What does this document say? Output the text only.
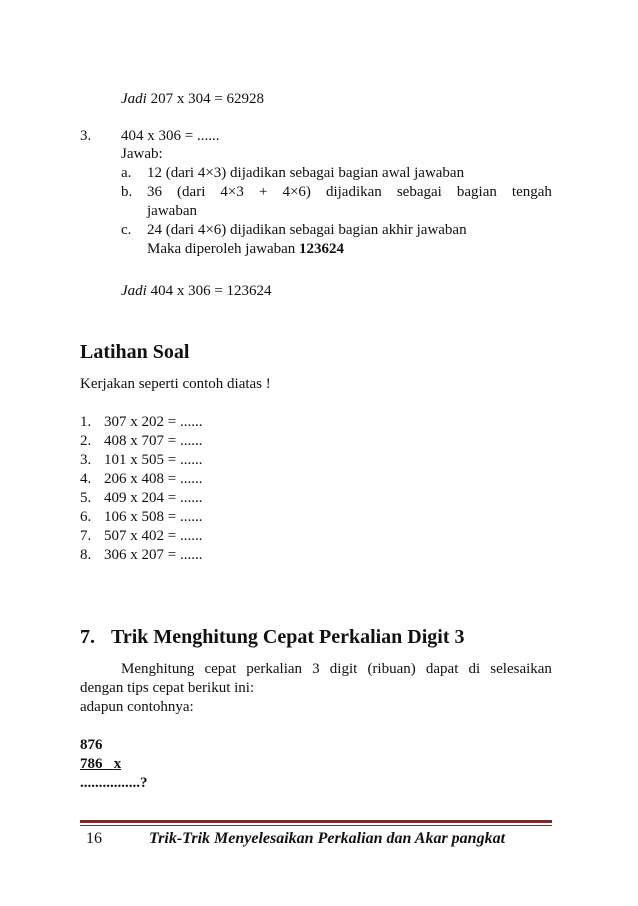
Jadi 207 x 304 = 62928
3. 404 x 306 = ......
Jawab:
a. 12 (dari 4×3) dijadikan sebagai bagian awal jawaban
b. 36 (dari 4×3 + 4×6) dijadikan sebagai bagian tengah
jawaban
c. 24 (dari 4×6) dijadikan sebagai bagian akhir jawaban
Maka diperoleh jawaban 123624
Jadi 404 x 306 = 123624
Latihan Soal
Kerjakan seperti contoh diatas !
1. 307 x 202 = ......
2. 408 x 707 = ......
3. 101 x 505 = ......
4. 206 x 408 = ......
5. 409 x 204 = ......
6. 106 x 508 = ......
7. 507 x 402 = ......
8. 306 x 207 = ......
7. Trik Menghitung Cepat Perkalian Digit 3
Menghitung cepat perkalian 3 digit (ribuan) dapat di selesaikan
dengan tips cepat berikut ini:
adapun contohnya:
876
786 x
................?
16	Trik-Trik Menyelesaikan Perkalian dan Akar pangkat
